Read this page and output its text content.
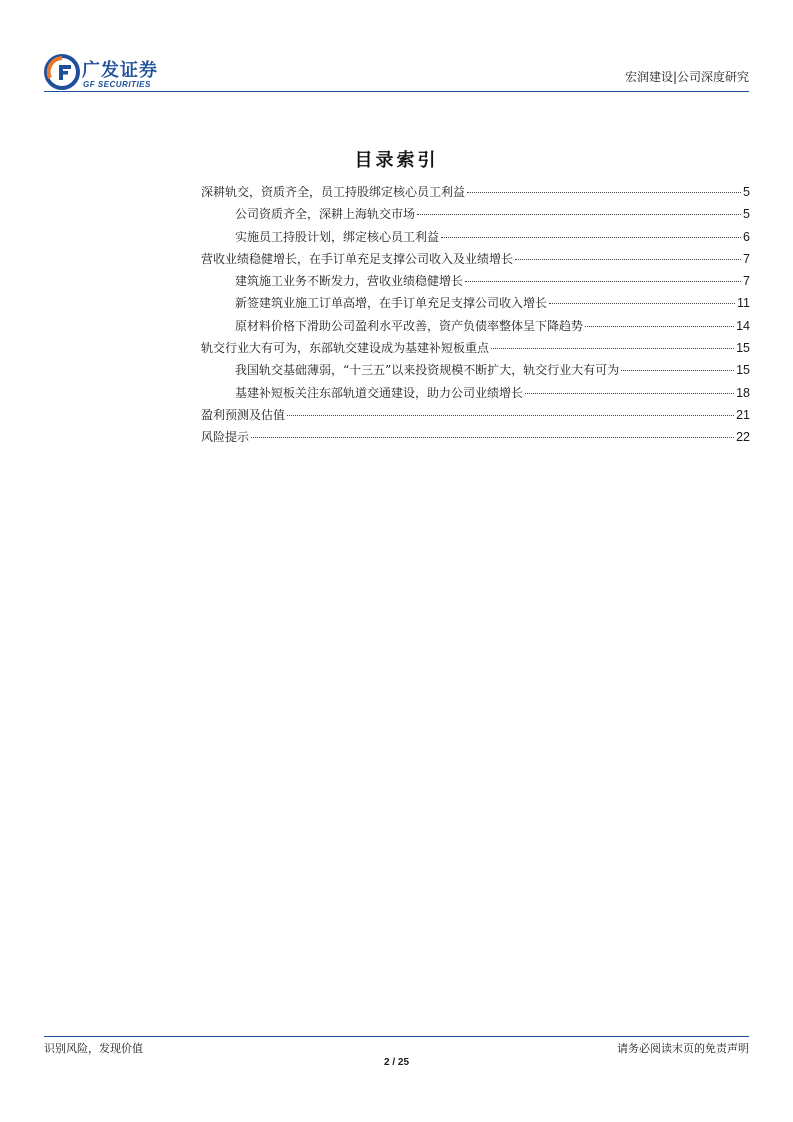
广发证券
GF SECURITIES
宏润建设|公司深度研究
目录索引
深耕轨交，资质齐全，员工持股绑定核心员工利益	5
公司资质齐全，深耕上海轨交市场	5
实施员工持股计划，绑定核心员工利益	6
营收业绩稳健增长，在手订单充足支撑公司收入及业绩增长	7
建筑施工业务不断发力，营收业绩稳健增长	7
新签建筑业施工订单高增，在手订单充足支撑公司收入增长	11
原材料价格下滑助公司盈利水平改善，资产负债率整体呈下降趋势	14
轨交行业大有可为，东部轨交建设成为基建补短板重点	15
我国轨交基础薄弱，“十三五”以来投资规模不断扩大，轨交行业大有可为	15
基建补短板关注东部轨道交通建设，助力公司业绩增长	18
盈利预测及估值	21
风险提示	22
识别风险，发现价值	请务必阅读末页的免责声明
2 / 25
